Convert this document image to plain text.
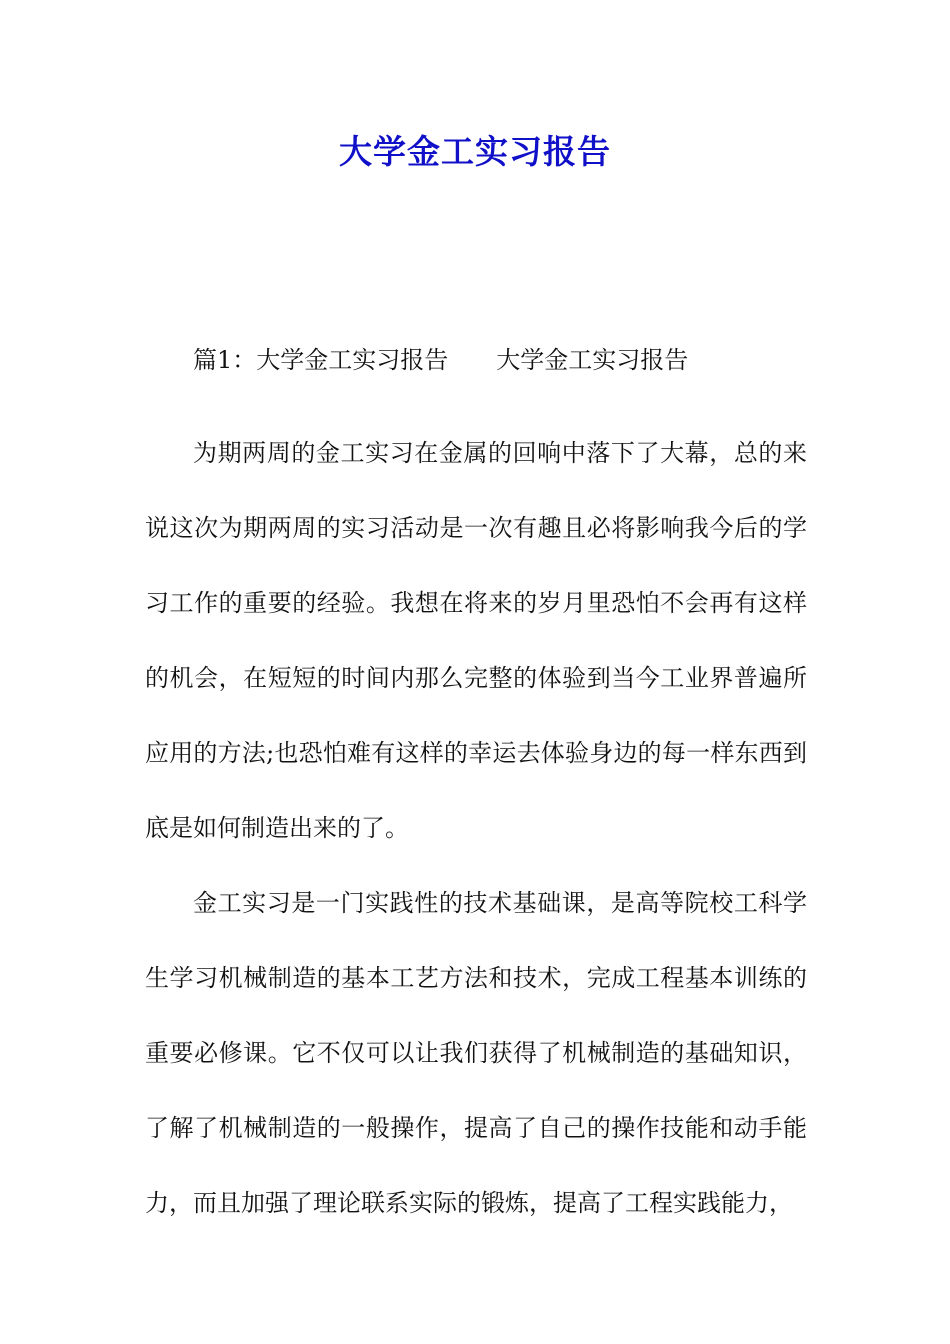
大学金工实习报告
篇1：大学金工实习报告 大学金工实习报告

为期两周的金工实习在金属的回响中落下了大幕，总的来说这次为期两周的实习活动是一次有趣且必将影响我今后的学习工作的重要的经验。我想在将来的岁月里恐怕不会再有这样的机会，在短短的时间内那么完整的体验到当今工业界普遍所应用的方法;也恐怕难有这样的幸运去体验身边的每一样东西到底是如何制造出来的了。

金工实习是一门实践性的技术基础课，是高等院校工科学生学习机械制造的基本工艺方法和技术，完成工程基本训练的重要必修课。它不仅可以让我们获得了机械制造的基础知识，了解了机械制造的一般操作，提高了自己的操作技能和动手能力，而且加强了理论联系实际的锻炼，提高了工程实践能力，
